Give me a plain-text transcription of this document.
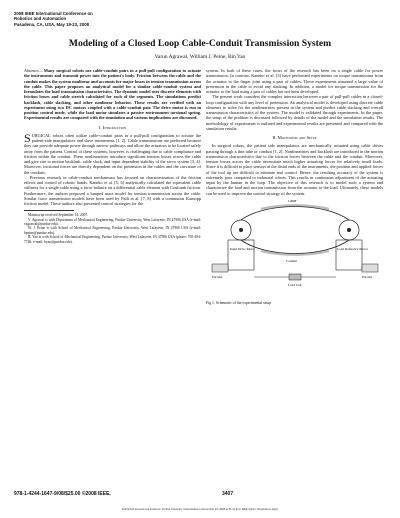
2008 IEEE International Conference on
Robotics and Automation
Pasadena, CA, USA, May 19-23, 2008
Modeling of a Closed Loop Cable-Conduit Transmission System
Varun Agrawal, William J. Peine, Bin Yao

Abstract— Many surgical robots use cable-conduit pairs in a pull-pull configuration to actuate the instruments and transmit power into the patient's body. Friction between the cable and the conduit makes the system nonlinear and accounts for major losses in tension transmission across the cable. This paper proposes an analytical model for a similar cable-conduit system and formulates the load transmission characteristics. The dynamic model uses discrete elements with friction losses and cable stretch calculated for each of the segments. The simulations predict backlash, cable slacking, and other nonlinear behavior. These results are verified with an experiment using two DC motors coupled with a cable-conduit pair. The drive motor is run in position control mode, while the load motor simulates a passive environment torsional spring. Experimental results are compared with the simulation and various implications are discussed.

I. Introduction

SURGICAL robots often utilize cable-conduit pairs in a pull-pull configuration to actuate the patient-side manipulators and slave instruments [1, 2]. Cable transmissions are preferred because they can provide adequate power through narrow pathways and allow the actuators to be located safely away from the patient. Control of these systems, however, is challenging due to cable compliance and friction within the conduit. These nonlinearities introduce significant tension losses across the cable and give rise to motion backlash, cable slack, and input dependent stability of the servo system [3, 4]. Moreover, frictional forces are directly dependent on the pretension in the cables and the curvature of the conduits.

Previous research in cable-conduit mechanisms has focused on characterization of the friction effects and control of robotic hands. Kaneko et al. [5, 6] analytically calculated the equivalent cable stiffness for a single cable using a force balance on a differential cable element with Coulomb friction. Furthermore, the authors proposed a lumped mass model for tension transmission across the cable. Similar force transmission models have been used by Palli et al. [7, 8] with a continuous Karnopp friction model. These authors also presented control strategies for the

Manuscript received September 14, 2007.

V. Agrawal is with Department of Mechanical Engineering, Purdue University, West Lafayette, IN 47906 USA (e-mail: vagrawal@purdue.edu).

W. J. Peine is with School of Mechanical Engineering, Purdue University, West Lafayette, IN 47906 USA (e-mail: bpeine@purdue.edu).

B. Yao is with School of Mechanical Engineering, Purdue University, West Lafayette, IN 47906 USA (phone: 765-494-7746; e-mail: byao@purdue.edu).

system. In both of these cases, the focus of the research has been on a single cable for power transmission. In contrast, Kaneko et al. [3] have performed experiments on torque transmission from the actuator to the finger joint using a pair of cables. These experiments assumed a large value of pretension in the cable to avoid any slacking. In addition, a model for torque transmission for the actuator to the load using a pair of cables has not been developed.

The present work considers the complex interaction between a pair of pull-pull cables in a closed-loop configuration with any level of pretension. An analytical model is developed using discrete cable elements to solve for the nonlinearities present in the system and predict cable slacking and overall transmission characteristics of the system. The model is validated through experiments. In the paper, the setup of the problem is discussed followed by details of the model and the simulation results. The methodology of experiments is outlined and experimental results are presented and compared with the simulation results.

II. Motivation and Setup

In surgical robots, the patient side manipulators are mechanically actuated using cable drives passing through a thin tube or conduit [1, 2]. Nonlinearities and backlash are introduced in the motion transmission characteristics due to the friction forces between the cable and the conduit. Moreover, tension losses across the cable necessitate much higher actuating forces for relatively small loads. Since it is difficult to place sensors at the distal ends of the instruments, the position and applied forces of the tool tip are difficult to estimate and control. Hence, the resulting accuracy of the system is extremely poor compared to industrial robots. This results in continuous adjustment of the actuating input by the human in the loop. The objective of this research is to model such a system and characterize the load and motion transmission from the actuator to the load. Ultimately, these models can be used to improve the control strategy of the system.

Cable
Input Drive Motor	Load Reference Motor
Encoder	Encoder
Load Cell
Conduit
Fig 1: Schematic of the experimental setup
978-1-4244-1647-9/08/$25.00 ©2008 IEEE.	3407
Authorized licensed use limited to: Purdue University. Downloaded on December 24, 2008 at 01:41 from IEEE Xplore. Restrictions apply.
